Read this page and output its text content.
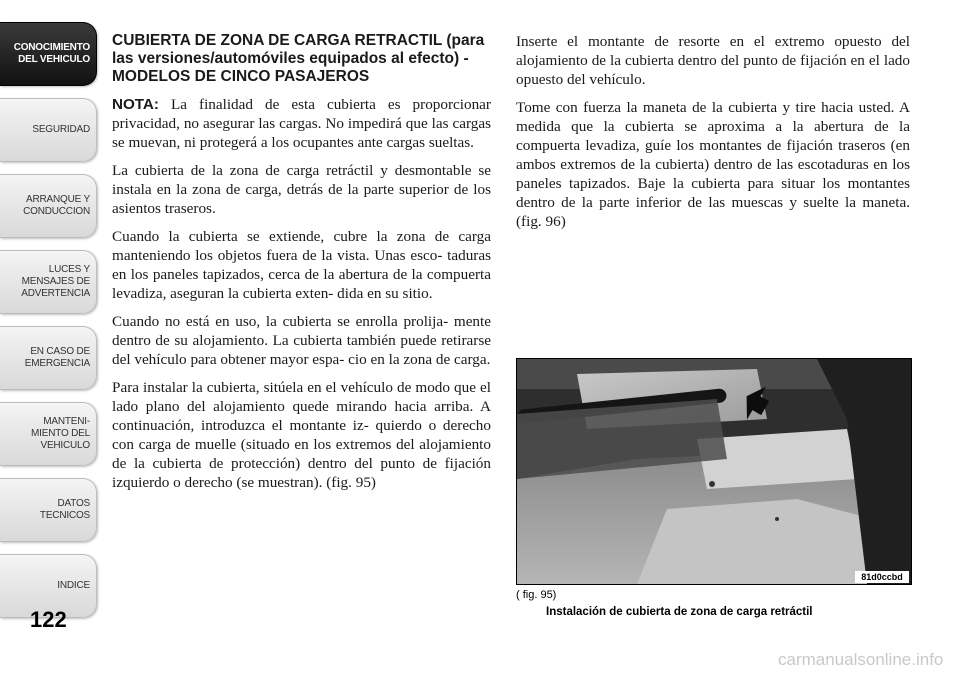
CONOCIMIENTO
DEL VEHICULO
SEGURIDAD
ARRANQUE Y
CONDUCCION
LUCES Y
MENSAJES DE
ADVERTENCIA
EN CASO DE
EMERGENCIA
MANTENI-
MIENTO DEL
VEHICULO
DATOS
TECNICOS
INDICE
122
CUBIERTA DE ZONA DE CARGA RETRACTIL (para las versiones/automóviles equipados al efecto) - MODELOS DE CINCO PASAJEROS

NOTA: La finalidad de esta cubierta es proporcionar privacidad, no asegurar las cargas. No impedirá que las cargas se muevan, ni protegerá a los ocupantes ante cargas sueltas.

La cubierta de la zona de carga retráctil y desmontable se instala en la zona de carga, detrás de la parte superior de los asientos traseros.

Cuando la cubierta se extiende, cubre la zona de carga manteniendo los objetos fuera de la vista. Unas esco- taduras en los paneles tapizados, cerca de la abertura de la compuerta levadiza, aseguran la cubierta exten- dida en su sitio.

Cuando no está en uso, la cubierta se enrolla prolija- mente dentro de su alojamiento. La cubierta también puede retirarse del vehículo para obtener mayor espa- cio en la zona de carga.

Para instalar la cubierta, sitúela en el vehículo de modo que el lado plano del alojamiento quede mirando hacia arriba. A continuación, introduzca el montante iz- quierdo o derecho con carga de muelle (situado en los extremos del alojamiento de la cubierta de protección) dentro del punto de fijación izquierdo o derecho (se muestran). (fig. 95)

Inserte el montante de resorte en el extremo opuesto del alojamiento de la cubierta dentro del punto de fijación en el lado opuesto del vehículo.

Tome con fuerza la maneta de la cubierta y tire hacia usted. A medida que la cubierta se aproxima a la abertura de la compuerta levadiza, guíe los montantes de fijación traseros (en ambos extremos de la cubierta) dentro de las escotaduras en los paneles tapizados. Baje la cubierta para situar los montantes dentro de la parte inferior de las muescas y suelte la maneta. (fig. 96)

81d0ccbd
( fig. 95)
Instalación de cubierta de zona de carga retráctil
carmanualsonline.info
